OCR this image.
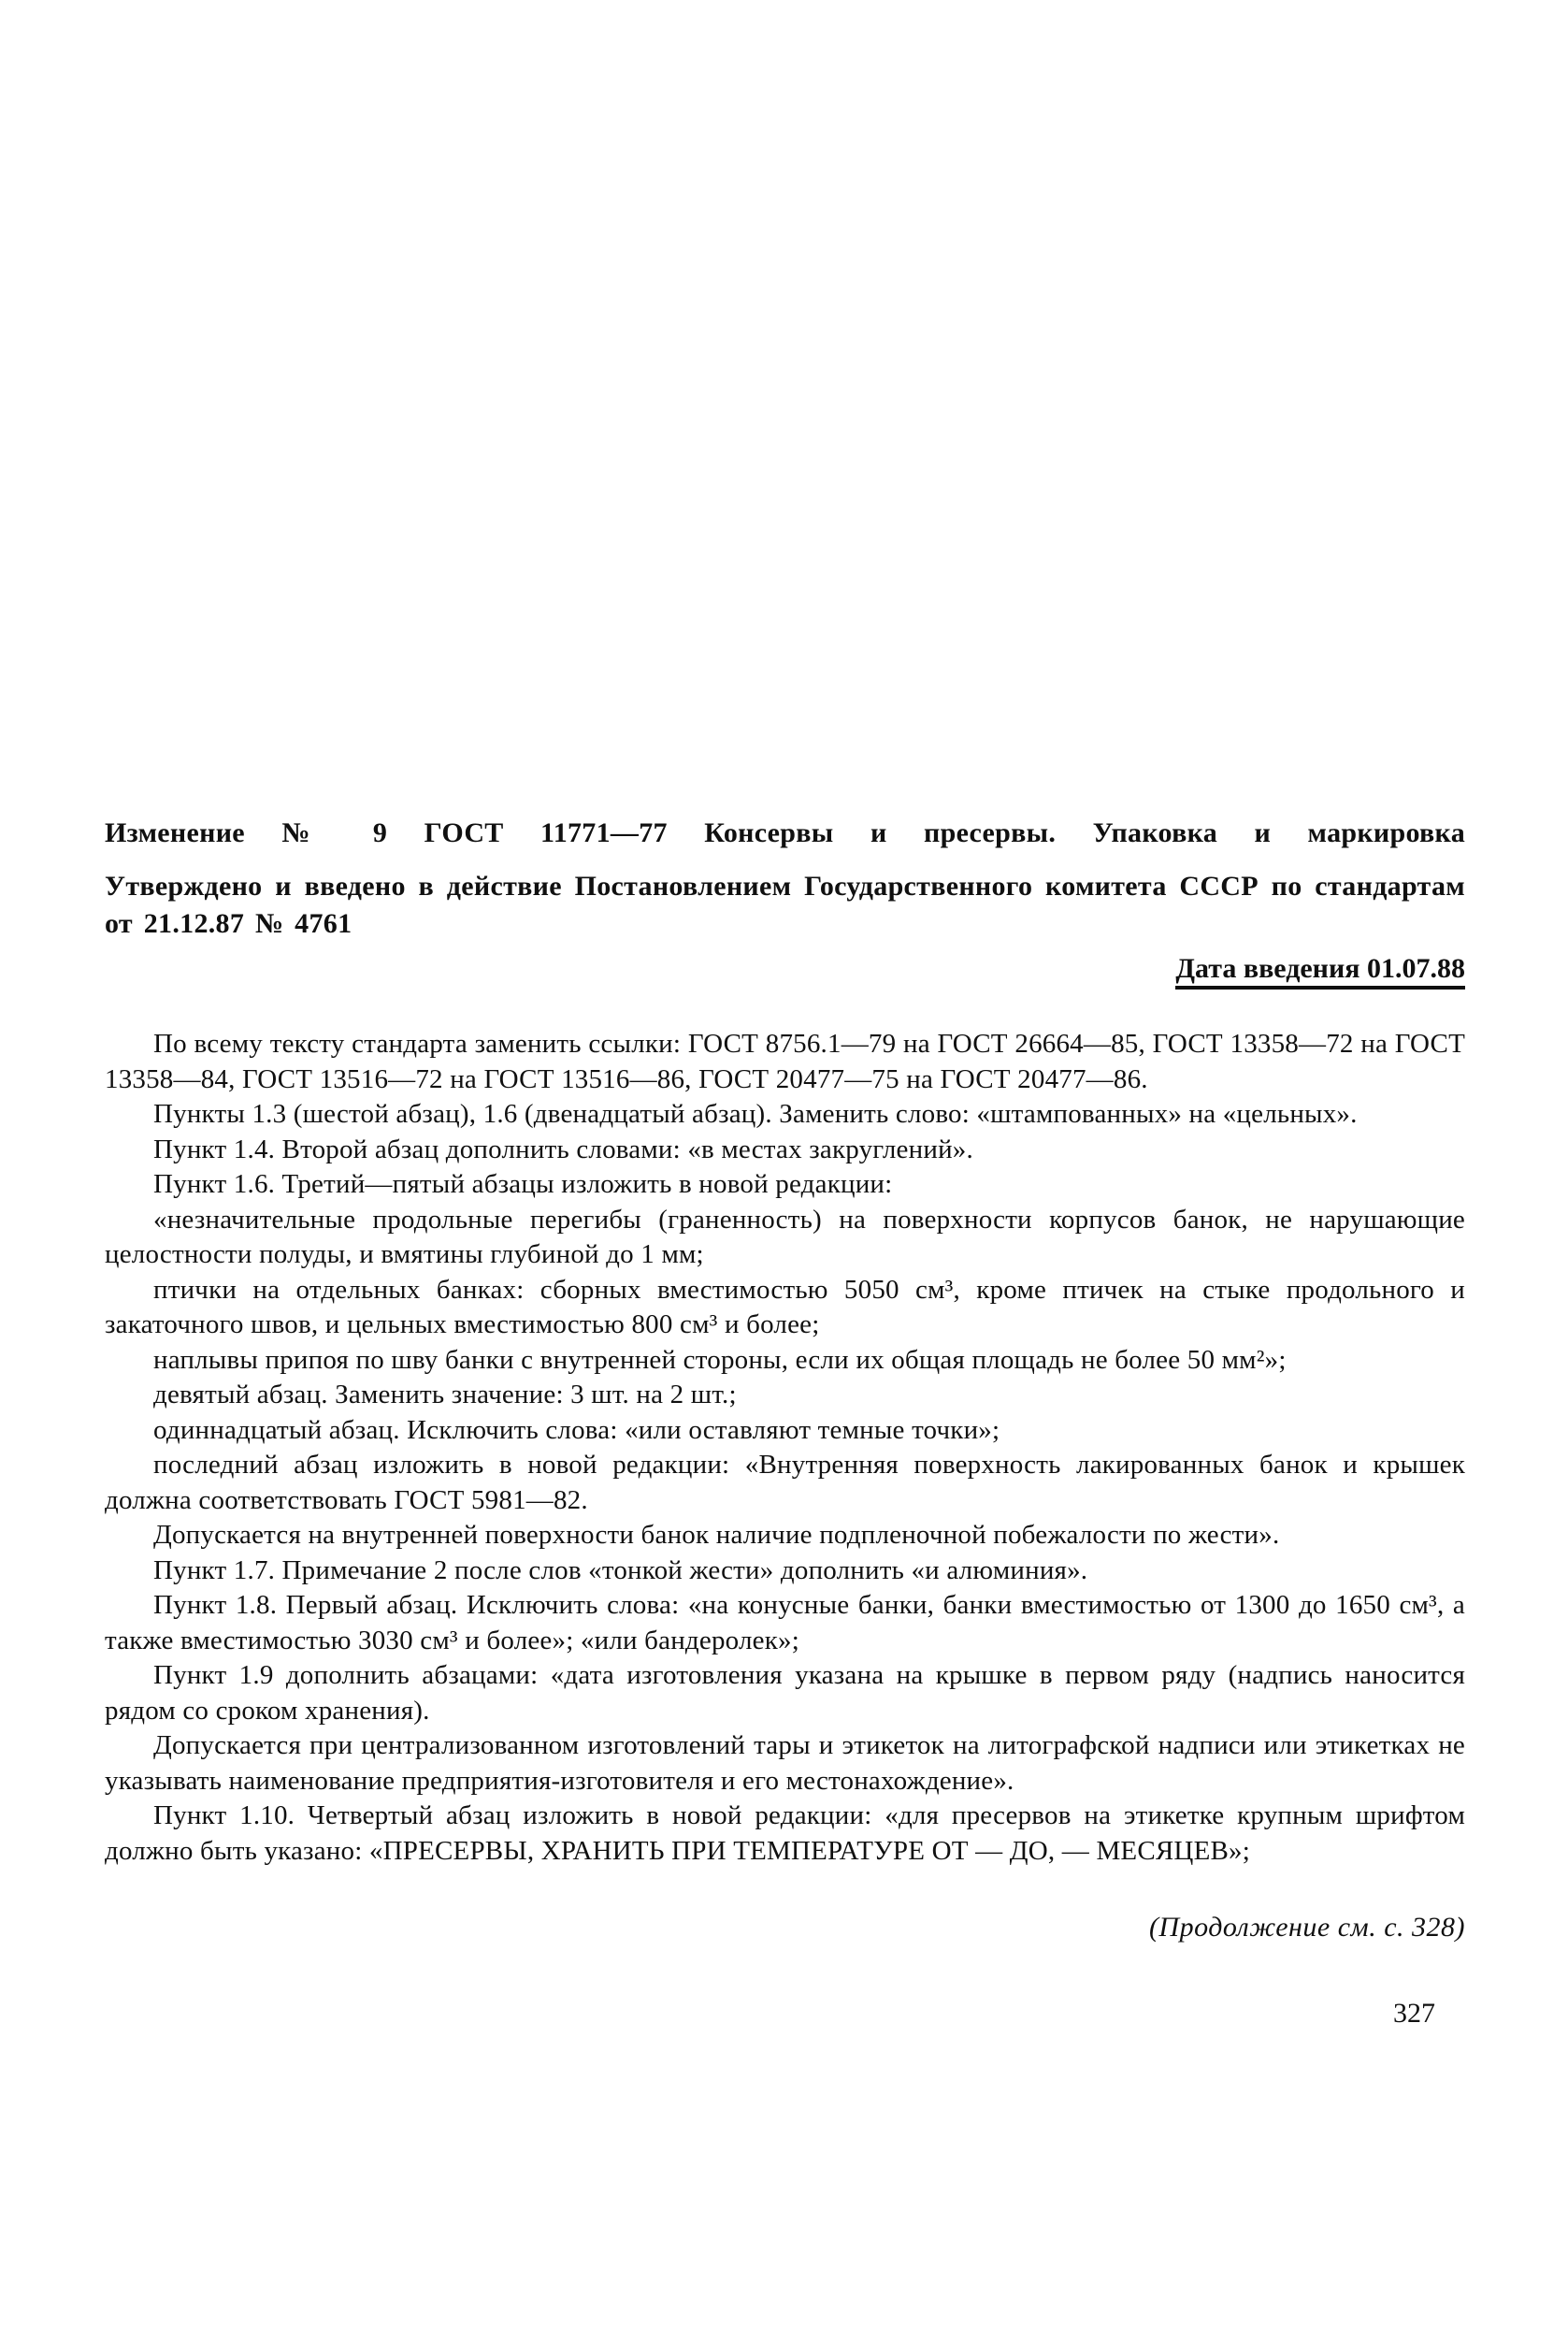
Изменение № 9 ГОСТ 11771—77 Консервы и пресервы. Упаковка и маркировка
Утверждено и введено в действие Постановлением Государственного комитета СССР по стандартам от 21.12.87 № 4761
Дата введения 01.07.88

По всему тексту стандарта заменить ссылки: ГОСТ 8756.1—79 на ГОСТ 26664—85, ГОСТ 13358—72 на ГОСТ 13358—84, ГОСТ 13516—72 на ГОСТ 13516—86, ГОСТ 20477—75 на ГОСТ 20477—86.

Пункты 1.3 (шестой абзац), 1.6 (двенадцатый абзац). Заменить слово: «штампованных» на «цельных».

Пункт 1.4. Второй абзац дополнить словами: «в местах закруглений».

Пункт 1.6. Третий—пятый абзацы изложить в новой редакции:

«незначительные продольные перегибы (граненность) на поверхности корпусов банок, не нарушающие целостности полуды, и вмятины глубиной до 1 мм;

птички на отдельных банках: сборных вместимостью 5050 см³, кроме птичек на стыке продольного и закаточного швов, и цельных вместимостью 800 см³ и более;

наплывы припоя по шву банки с внутренней стороны, если их общая площадь не более 50 мм²»;

девятый абзац. Заменить значение: 3 шт. на 2 шт.;

одиннадцатый абзац. Исключить слова: «или оставляют темные точки»;

последний абзац изложить в новой редакции: «Внутренняя поверхность лакированных банок и крышек должна соответствовать ГОСТ 5981—82.

Допускается на внутренней поверхности банок наличие подпленочной побежалости по жести».

Пункт 1.7. Примечание 2 после слов «тонкой жести» дополнить «и алюминия».

Пункт 1.8. Первый абзац. Исключить слова: «на конусные банки, банки вместимостью от 1300 до 1650 см³, а также вместимостью 3030 см³ и более»; «или бандеролек»;

Пункт 1.9 дополнить абзацами: «дата изготовления указана на крышке в первом ряду (надпись наносится рядом со сроком хранения).

Допускается при централизованном изготовлений тары и этикеток на литографской надписи или этикетках не указывать наименование предприятия-изготовителя и его местонахождение».

Пункт 1.10. Четвертый абзац изложить в новой редакции: «для пресервов на этикетке крупным шрифтом должно быть указано: «ПРЕСЕРВЫ, ХРАНИТЬ ПРИ ТЕМПЕРАТУРЕ ОТ — ДО, — МЕСЯЦЕВ»;

(Продолжение см. с. 328)
327
